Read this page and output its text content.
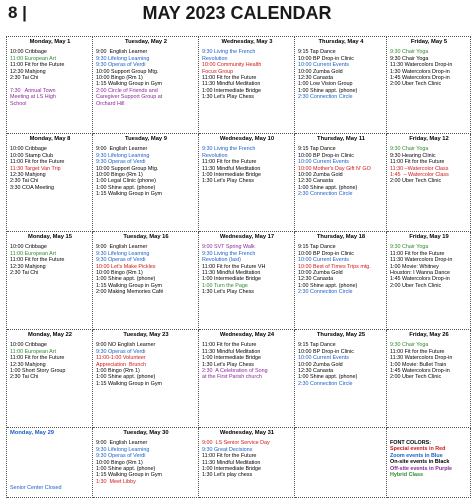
8 |	MAY 2023 CALENDAR
Monday, May 1
10:00 Cribbage
11:00 European Art
11:00 Fit for the Future
12:30 Mahjong
2:30 Tai Chi

7:30   Annual Town
Meeting at LS High
School
Tuesday, May 2
9:00  English Learner
9:30 Lifelong Learning
9:30 Operas of Verdi
10:00 Support Group Mtg.
10:00 Bingo (Rm 1)
1:15 Walking Group in Gym
2:00 Circle of Friends and
Caregiver Support Group at
Orchard Hill
Wednesday, May 3
9:30 Living the French
Revolution
10:00 Community Health
Focus Group
11:00 Fit for the Future
11:30 Mindful Meditation
1:00 Intermediate Bridge
1:30 Let's Play Chess
Thursday, May 4
9:15 Tap Dance
10:00 BP Drop-in Clinic
10:00 Current Events
10:00 Zumba Gold
12:30 Canasta
1:00 Low Vision Group
1:00 Shine appt. (phone)
2:30 Connection Circle
Friday, May 5
9:30 Chair Yoga
9:30 Chair Yoga
11:30 Watercolors Drop-in
1:30 Watercolors Drop-in
1:45 Watercolors Drop-in
2:00 Uber Tech Clinic
Monday, May 8
10:00 Cribbage
10:00 Stamp Club
11:00 Fit for the Future
11:30 Target Van Trip
12:30 Mahjong
2:30 Tai Chi
3:30 COA Meeting
Tuesday, May 9
9:00  English Learner
9:30 Lifelong Learning
9:30 Operas of Verdi
10:00 Support Group Mtg.
10:00 Bingo (Rm 1)
1:00 Legal Clinic (phone)
1:00 Shine appt. (phone)
1:15 Walking Group in Gym
Wednesday, May 10
9:30 Living the French
Revolution
11:00 Fit for the Future
11:30 Mindful Meditation
1:00 Intermediate Bridge
1:30 Let's Play Chess
Thursday, May 11
9:15 Tap Dance
10:00 BP Drop-in Clinic
10:00 Current Events
10:00 Mother's Day Gift N' GO
10:00 Zumba Gold
12:30 Canasta
1:00 Shine appt. (phone)
2:30 Connection Circle
Friday, May 12
9:30 Chair Yoga
9:30 Hearing Clinic
11:00 Fit for the Future
11:30 –Watercolor Class
1:45  – Watercolor Class
2:00 Uber Tech Clinic
Monday, May 15
10:00 Cribbage
11:00 European Art
11:00 Fit for the Future
12:30 Mahjong
2:30 Tai Chi
Tuesday, May 16
9:00  English Learner
9:30 Lifelong Learning
9:30 Operas of Verdi
10:00 Let's Make Pickles
10:00 Bingo (Rm 1)
1:00 Shine appt. (phone)
1:15 Walking Group in Gym
2:00 Making Memories Café
Wednesday, May 17
9:00 SVT Spring Walk
9:30 Living the French
Revolution (last)
11:00 Fit for the Future VH
11:30 Mindful Meditation
1:00 Intermediate Bridge
1:00 Turn the Page
1:30 Let's Play Chess
Thursday, May 18
9:15 Tap Dance
10:00 BP Drop-in Clinic
10:00 Current Events
10:00 Best of Times Trips mtg.
10:00 Zumba Gold
12:30 Canasta
1:00 Shine appt. (phone)
2:30 Connection Circle
Friday, May 19
9:30 Chair Yoga
11:00 Fit for the Future
11:30 Watercolors Drop-in
1:00 Movie: Whitney
Houston: I Wanna Dance
1:45 Watercolors Drop-in
2:00 Uber Tech Clinic
Monday, May 22
10:00 Cribbage
11:00 European Art
11:00 Fit for the Future
12:30 Mahjong
1:00 Short Story Group
2:30 Tai Chi
Tuesday, May 23
9:00 NO English Learner
9:30 Operas of Verdi
11:00-1:00 Volunteer
Appreciation  Brunch
1:00 Bingo (Rm 1)
1:00 Shine appt. (phone)
1:15 Walking Group in Gym
Wednesday, May 24
11:00 Fit for the Future
11:30 Mindful Meditation
1:00 Intermediate Bridge
1:30 Let's Play Chess
2:30  A Celebration of Song
at the First Parish church
Thursday, May 25
9:15 Tap Dance
10:00 BP Drop-in Clinic
10:00 Current Events
10:00 Zumba Gold
12:30 Canasta
1:00 Shine appt. (phone)
2:30 Connection Circle
Friday, May 26
9:30 Chair Yoga
11:00 Fit for the Future
11:30 Watercolors Drop-in
1:00 Movie: Bullet Train
1:45 Watercolors Drop-in
2:00 Uber Tech Clinic
Monday, May 29

Senior Center Closed
Tuesday, May 30
9:00  English Learner
9:30 Lifelong Learning
9:30 Operas of Verdi
10:00 Bingo (Rm 1)
1:00 Shine appt. (phone)
1:15 Walking Group in Gym
1:30  Meet Libby
Wednesday, May 31
9:00  LS Senior Service Day
9:30 Great Decisions
11:00 Fit for the Future
11:30 Mindful Meditation
1:00 Intermediate Bridge
1:30 Let's play chess
FONT COLORS:
Special events in Red
Zoom events in Blue
On-site events in Black
Off-site events in Purple
Hybrid Class
